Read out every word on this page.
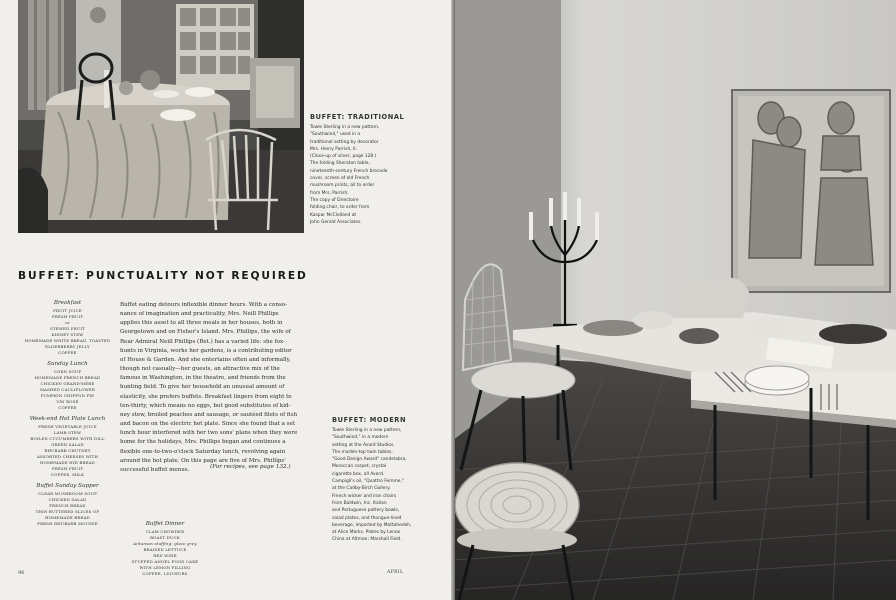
BUFFET: TRADITIONAL
Towle Sterling in a new pattern,
"Southwind," used in a
traditional setting by decorator
Mrs. Henry Parrish, II.
(Close-up of silver, page 128.)
The folding Sheraton table,
nineteenth-century French brocade
cover, screen of old French
mushroom prints, all to order
from Mrs. Parrish.
The copy of Directoire
folding chair, to order from
Kaspar McClelland at
John Gerald Associates.
BUFFET: PUNCTUALITY NOT REQUIRED
Breakfast
FRUIT JUICE
FRESH FRUIT
or
STEWED FRUIT
KIDNEY STEW
HOMEMADE WHITE BREAD, TOASTED
ELDERBERRY JELLY
COFFEE
Sunday Lunch
CORN SOUP
HOMEMADE FRENCH BREAD
CHICKEN GRAND'MÈRE
MASHED CAULIFLOWER
PUMPKIN CHIFFON PIE
VIN ROSÉ
COFFEE
Week-end Hot Plate Lunch
FRESH VEGETABLE JUICE
LAMB STEW
BOILED CUCUMBERS WITH DILL
GREEN SALAD
RHUBARB CHUTNEY
ASSORTED CHEESES WITH
HOMEMADE RYE BREAD
FRESH FRUIT
COFFEE, MILK
Buffet Sunday Supper
CLEAR MUSHROOM SOUP
CHICKEN SALAD
FRENCH BREAD
THIN BUTTERED SLICES OF
HOMEMADE BREAD
FRESH RHUBARB MOUSSE
Buffet eating detours inflexible dinner hours. With a conso-
nance of imagination and practicality, Mrs. Neill Phillips
applies this asset to all three meals in her houses, both in
Georgetown and on Fisher's Island. Mrs. Phillips, the wife of
Rear Admiral Neill Phillips (Ret.) has a varied life: she fox-
hunts in Virginia, works her gardens, is a contributing editor
of House & Garden. And she entertains often and informally,
though not casually—her guests, an attractive mix of the
famous in Washington, in the theatre, and friends from the
hunting field. To give her household an unusual amount of
elasticity, she prefers buffets. Breakfast lingers from eight to
ten-thirty, which means no eggs, but good substitutes of kid-
ney stew, broiled peaches and sausage, or sautéed filets of fish
and bacon on the electric hot plate. Since she found that a set
lunch hour interfered with her two sons' plans when they were
home for the holidays, Mrs. Phillips began and continues a
flexible one-to-two-o'clock Saturday lunch, revolving again
around the hot plate. On this page are five of Mrs. Phillips'
successful buffet menus.	(For recipes, see page 132.)
Buffet Dinner
CLAM CHOWDER
ROAST DUCK
Arkansas stuffing: glaze grey
BRAISED LETTUCE
RED WINE
STUFFED ANGEL FOOD CAKE
WITH LEMON FILLING
COFFEE, LIQUEURS
BUFFET: MODERN
Towle Sterling in a new pattern,
"Southwind," in a modern
setting at the Avard Studios.
The marble-top twin tables,
"Good Design Award" candelabra,
Moroccan carpet, crystal
cigarette box, all Avard.
Campigli's oil, "Quattro Femme,"
at the Cadby-Birch Gallery.
French wicker and iron chairs
from Baldwin, Inc. Italian
and Portuguese pottery bowls,
salad plates, and thongue-lined
beverage, imported by Mottahedeh,
at Alice Marks. Plates by Lenox
China at Altman; Marshall Field.
96	APRIL
